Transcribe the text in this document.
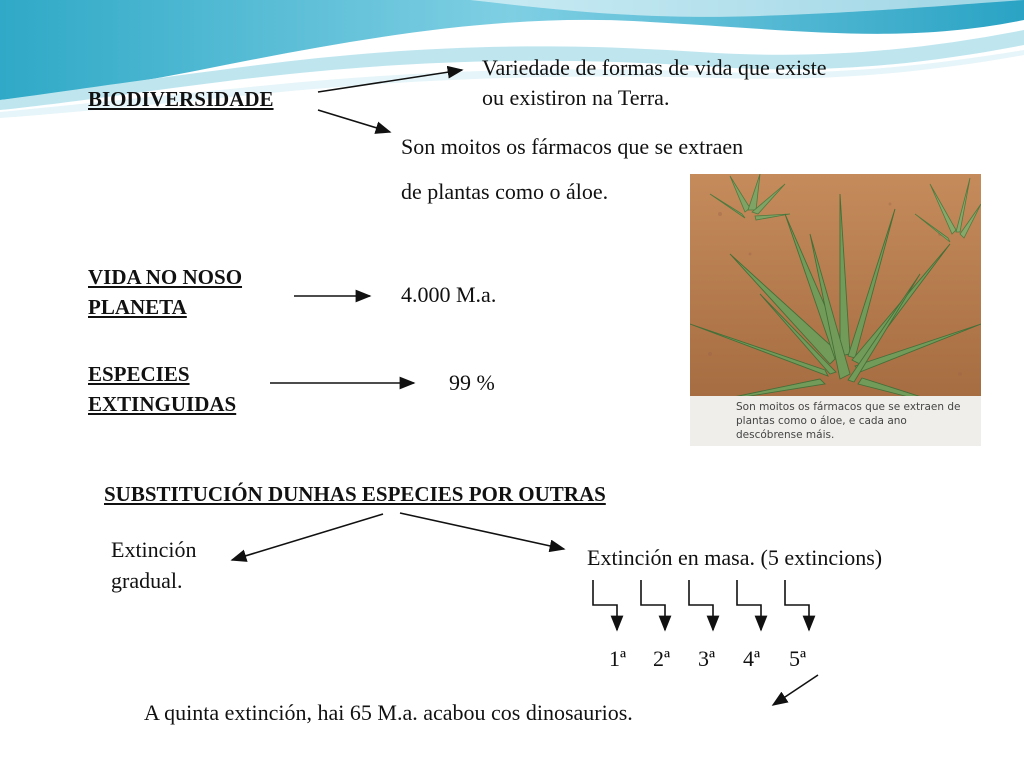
BIODIVERSIDADE
VIDA NO NOSO
PLANETA
ESPECIES
EXTINGUIDAS
SUBSTITUCIÓN DUNHAS ESPECIES POR OUTRAS
Variedade de formas de vida que existe
ou existiron na Terra.
Son moitos os fármacos que se extraen
de plantas como o áloe.
4.000 M.a.
99 %
Extinción
gradual.
Extinción en masa. (5 extincions)
1ª 2ª 3ª 4ª 5ª
A quinta extinción, hai 65 M.a. acabou cos dinosaurios.
Son moitos os fármacos que se extraen de plantas como o áloe, e cada ano descóbrense máis.
